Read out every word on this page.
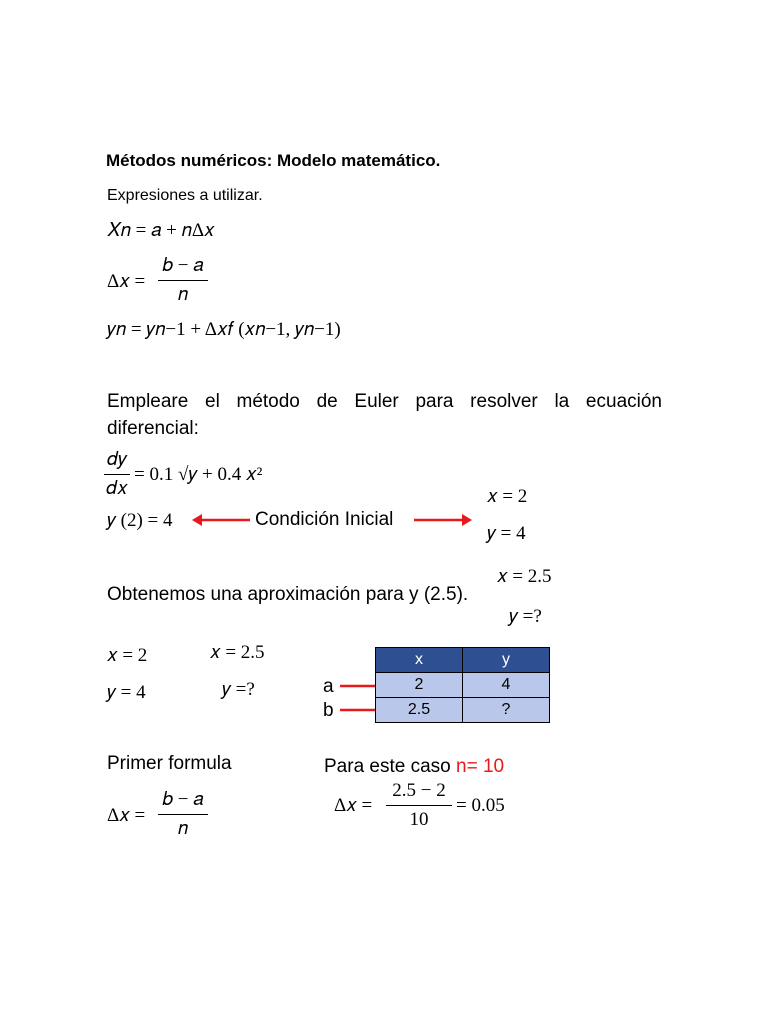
Métodos numéricos: Modelo matemático.
Expresiones a utilizar.
𝑋𝑛 = 𝑎 + 𝑛Δ𝑥
Δ𝑥 =
𝑏 − 𝑎
𝑛
𝑦𝑛 = 𝑦𝑛−1 + Δ𝑥𝑓 (𝑥𝑛−1, 𝑦𝑛−1)
Empleare el método de Euler para resolver la ecuación diferencial:
𝑑𝑦
𝑑𝑥
= 0.1 √𝑦 + 0.4 𝑥²
𝑦 (2) = 4	Condición Inicial
𝑥 = 2
𝑦 = 4
Obtenemos una aproximación para y (2.5).
𝑥 = 2.5
𝑦 =?
𝑥 = 2	𝑥 = 2.5
𝑦 = 4	𝑦 =?	a
b
x	y
2	4
2.5	?
Primer formula
Δ𝑥 =
𝑏 − 𝑎
𝑛
Para este caso n= 10
Δ𝑥 =
2.5 − 2
10
= 0.05
